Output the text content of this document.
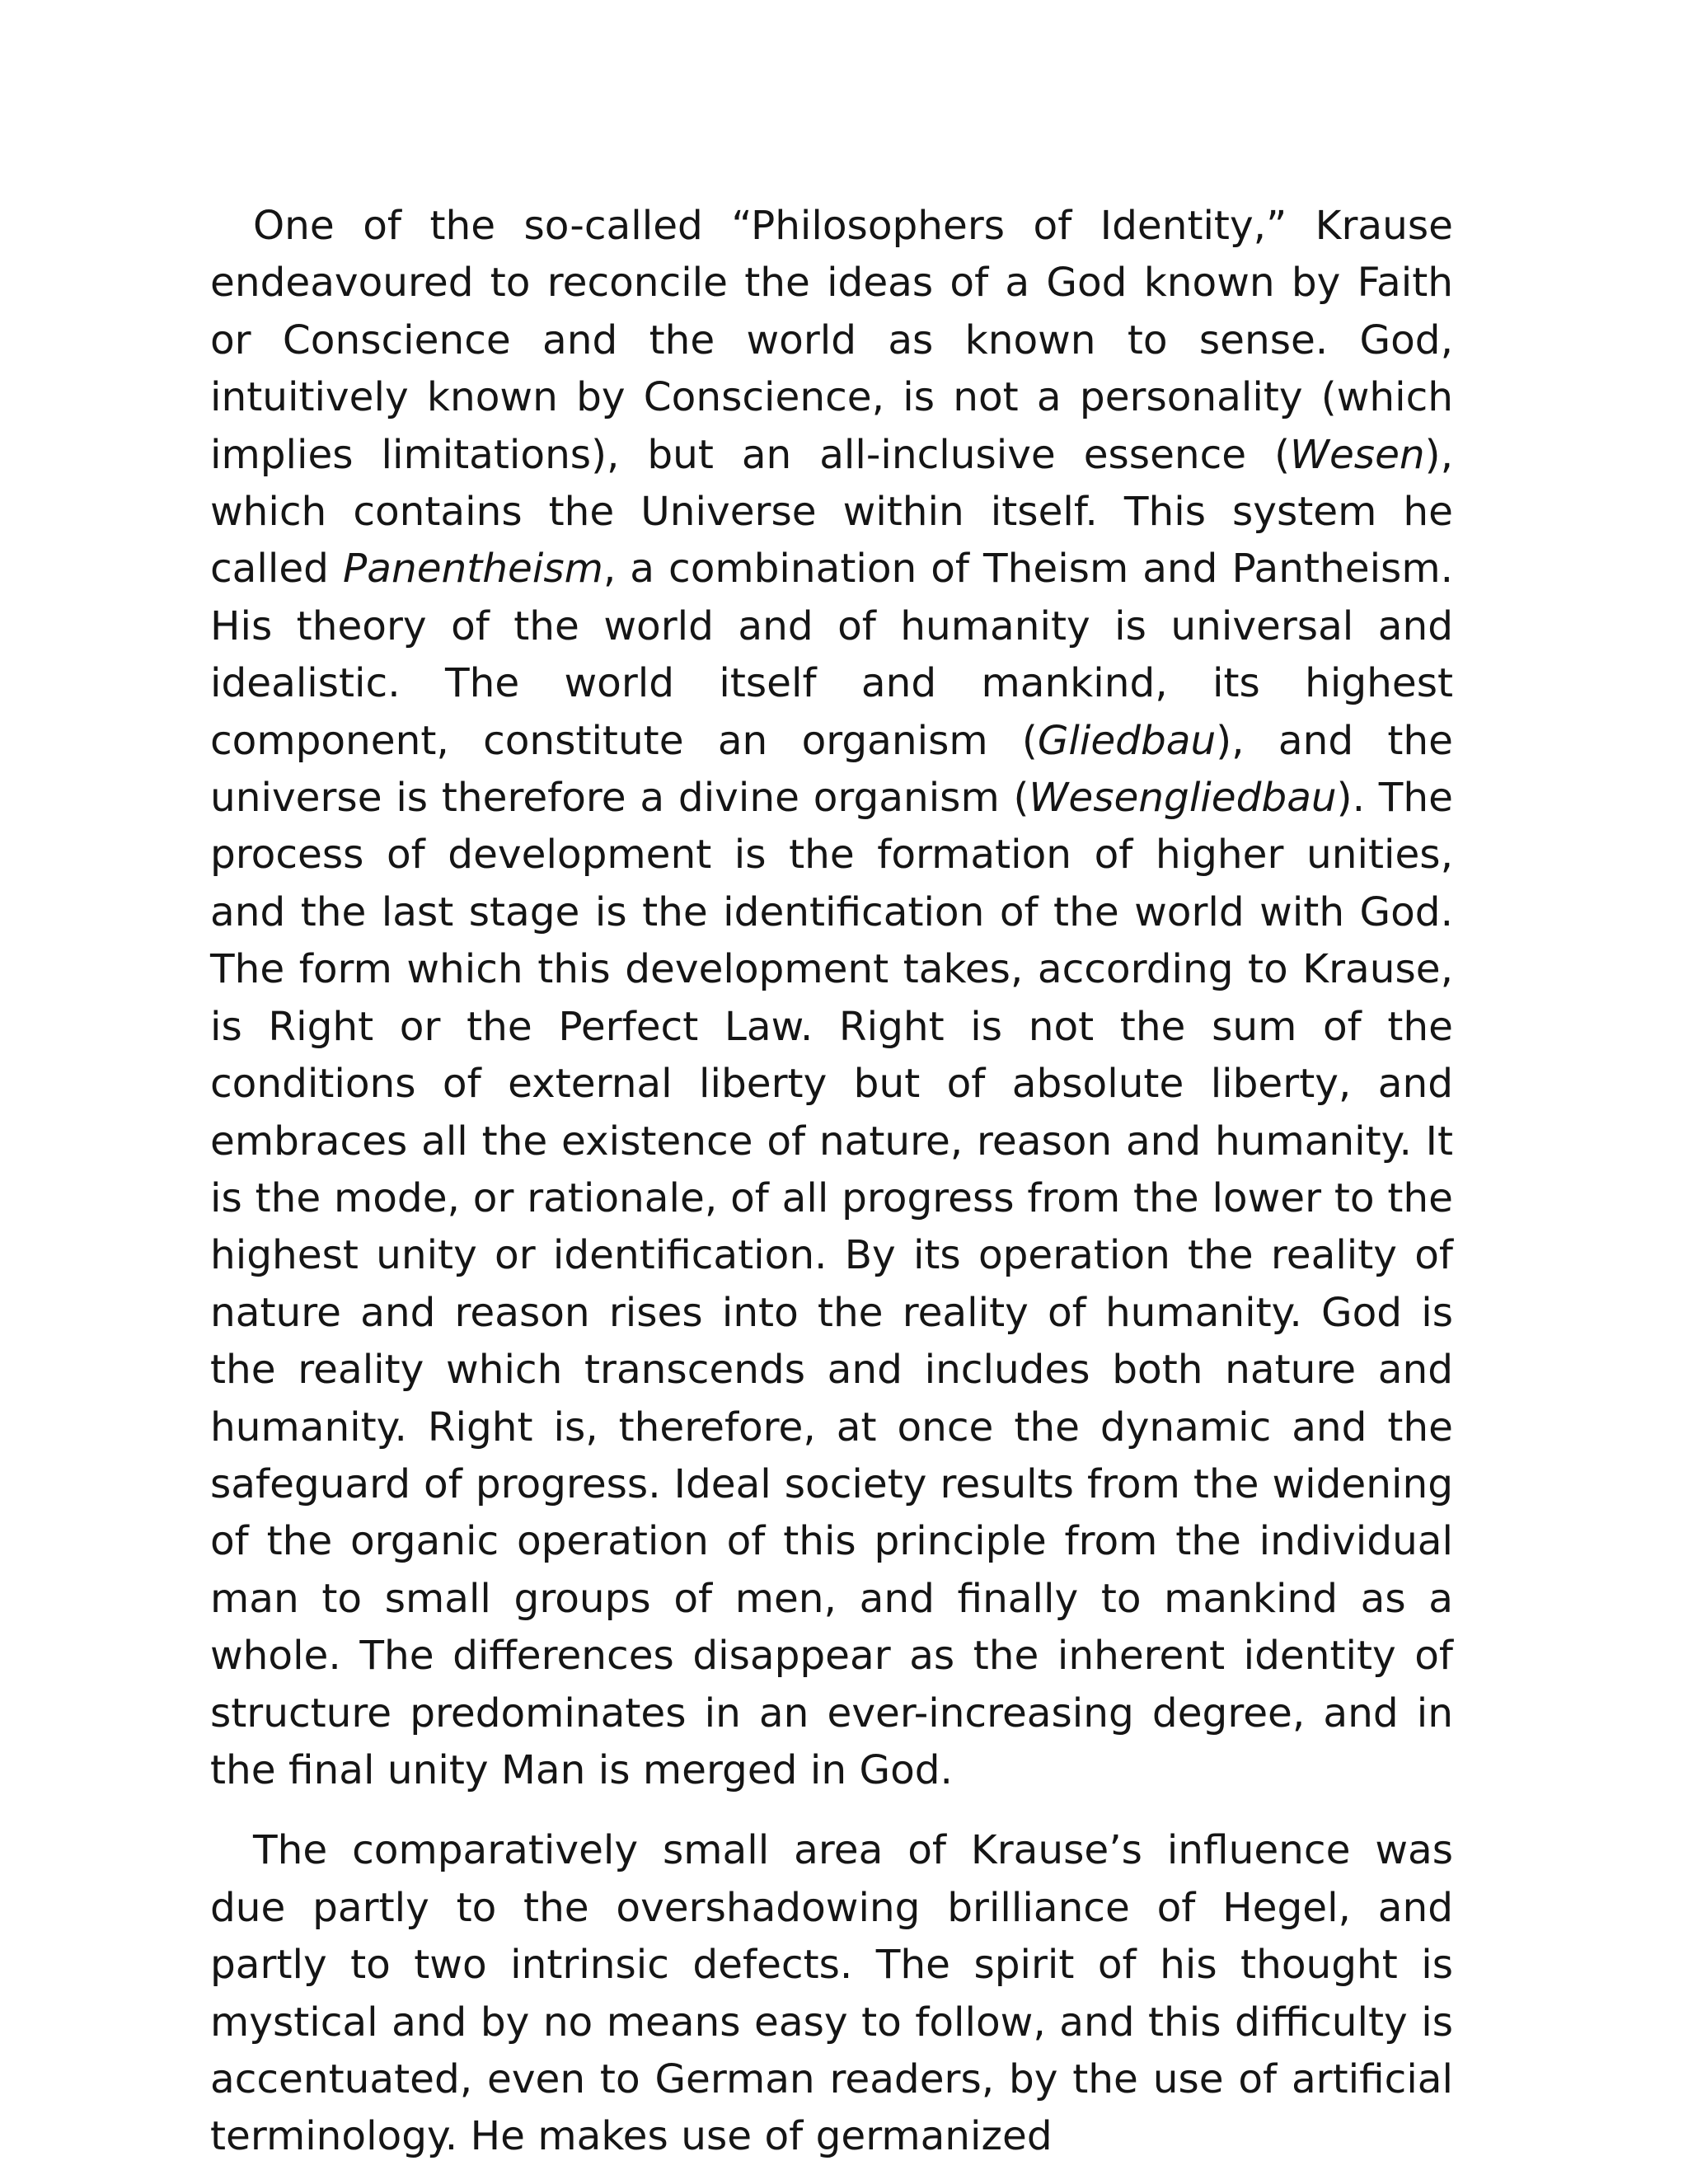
One of the so-called “Philosophers of Identity,” Krause endeavoured to reconcile the ideas of a God known by Faith or Conscience and the world as known to sense. God, intuitively known by Conscience, is not a personality (which implies limitations), but an all-inclusive essence (Wesen), which contains the Universe within itself. This system he called Panentheism, a combination of Theism and Pantheism. His theory of the world and of humanity is universal and idealistic. The world itself and mankind, its highest component, constitute an organism (Gliedbau), and the universe is therefore a divine organism (Wesengliedbau). The process of development is the formation of higher unities, and the last stage is the identification of the world with God. The form which this development takes, according to Krause, is Right or the Perfect Law. Right is not the sum of the conditions of external liberty but of absolute liberty, and embraces all the existence of nature, reason and humanity. It is the mode, or rationale, of all progress from the lower to the highest unity or identification. By its operation the reality of nature and reason rises into the reality of humanity. God is the reality which transcends and includes both nature and humanity. Right is, therefore, at once the dynamic and the safeguard of progress. Ideal society results from the widening of the organic operation of this principle from the individual man to small groups of men, and finally to mankind as a whole. The differences disappear as the inherent identity of structure predominates in an ever-increasing degree, and in the final unity Man is merged in God.

The comparatively small area of Krause’s influence was due partly to the overshadowing brilliance of Hegel, and partly to two intrinsic defects. The spirit of his thought is mystical and by no means easy to follow, and this difficulty is accentuated, even to German readers, by the use of artificial terminology. He makes use of germanized
